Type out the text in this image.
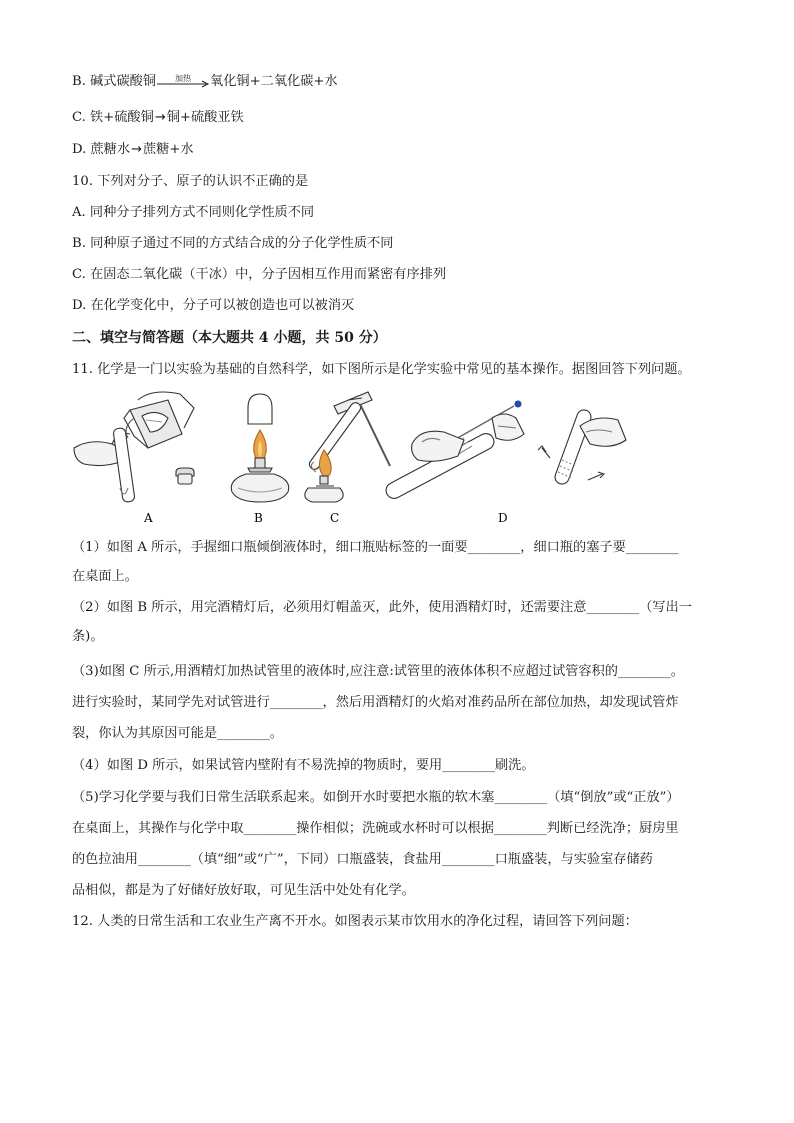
B. 碱式碳酸铜	加热	氧化铜+二氧化碳+水
C. 铁+硫酸铜→铜+硫酸亚铁
D. 蔗糖水→蔗糖+水
10. 下列对分子、原子的认识不正确的是
A. 同种分子排列方式不同则化学性质不同
B. 同种原子通过不同的方式结合成的分子化学性质不同
C. 在固态二氧化碳（干冰）中，分子因相互作用而紧密有序排列
D. 在化学变化中，分子可以被创造也可以被消灭
二、填空与简答题（本大题共 4 小题，共 50 分）
11. 化学是一门以实验为基础的自然科学，如下图所示是化学实验中常见的基本操作。据图回答下列问题。
A	B	C	D
（1）如图 A 所示，手握细口瓶倾倒液体时，细口瓶贴标签的一面要________，细口瓶的塞子要________
在桌面上。
（2）如图 B 所示，用完酒精灯后，必须用灯帽盖灭，此外，使用酒精灯时，还需要注意________（写出一
条)。
（3)如图 C 所示,用酒精灯加热试管里的液体时,应注意:试管里的液体体积不应超过试管容积的________。
进行实验时，某同学先对试管进行________，然后用酒精灯的火焰对准药品所在部位加热，却发现试管炸
裂，你认为其原因可能是________。
（4）如图 D 所示，如果试管内壁附有不易洗掉的物质时，要用________刷洗。
（5)学习化学要与我们日常生活联系起来。如倒开水时要把水瓶的软木塞________（填“倒放”或“正放”）
在桌面上，其操作与化学中取________操作相似；洗碗或水杯时可以根据________判断已经洗净；厨房里
的色拉油用________（填“细”或“广”，下同）口瓶盛装，食盐用________口瓶盛装，与实验室存储药
品相似，都是为了好储好放好取，可见生活中处处有化学。
12. 人类的日常生活和工农业生产离不开水。如图表示某市饮用水的净化过程，请回答下列问题：
